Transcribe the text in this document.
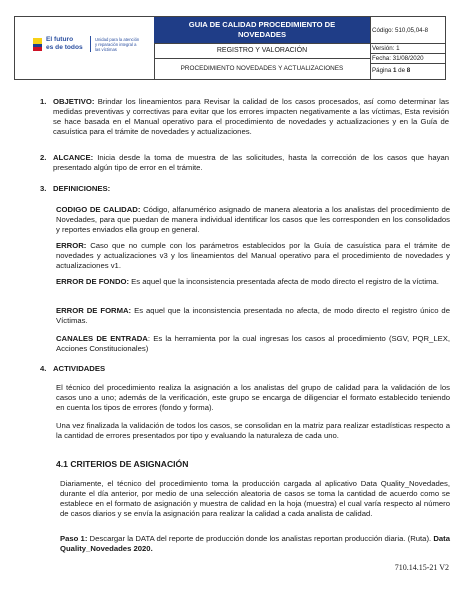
El futuro
es de todos
Unidad para la atención y reparación integral a las víctimas
GUIA DE CALIDAD PROCEDIMIENTO DE
NOVEDADES
REGISTRO Y VALORACIÓN
PROCEDIMIENTO NOVEDADES Y ACTUALIZACIONES
Código: 510,05,04-8
Versión: 1
Fecha: 31/08/2020
Página 1 de 8
1. OBJETIVO: Brindar los lineamientos para Revisar la calidad de los casos procesados, así como determinar las medidas preventivas y correctivas para evitar que los errores impacten negativamente a las víctimas, Esta revisión se hace basada en el Manual operativo para el procedimiento de novedades y actualizaciones y en la Guía de casuística para el trámite de novedades y actualizaciones.
2. ALCANCE: Inicia desde la toma de muestra de las solicitudes, hasta la corrección de los casos que hayan presentado algún tipo de error en el trámite.
3. DEFINICIONES:
CODIGO DE CALIDAD: Código, alfanumérico asignado de manera aleatoria a los analistas del procedimiento de Novedades, para que puedan de manera individual identificar los casos que les corresponden en los consolidados y reportes enviados ella group en general.
ERROR: Caso que no cumple con los parámetros establecidos por la Guía de casuística para el trámite de novedades y actualizaciones v3 y los lineamientos del Manual operativo para el procedimiento de novedades y actualizaciones v1.
ERROR DE FONDO: Es aquel que la inconsistencia presentada afecta de modo directo el registro de la víctima.
ERROR DE FORMA: Es aquel que la inconsistencia presentada no afecta, de modo directo el registro único de Víctimas.
CANALES DE ENTRADA: Es la herramienta por la cual ingresas los casos al procedimiento (SGV, PQR_LEX, Acciones Constitucionales)
4. ACTIVIDADES
El técnico del procedimiento realiza la asignación a los analistas del grupo de calidad para la validación de los casos uno a uno; además de la verificación, este grupo se encarga de diligenciar el formato establecido teniendo en cuenta los tipos de errores (fondo y forma).
Una vez finalizada la validación de todos los casos, se consolidan en la matriz para realizar estadísticas respecto a la cantidad de errores presentados por tipo y evaluando la naturaleza de cada uno.
4.1 CRITERIOS DE ASIGNACIÓN
Diariamente, el técnico del procedimiento toma la producción cargada al aplicativo Data Quality_Novedades, durante el día anterior, por medio de una selección aleatoria de casos se toma la cantidad de acuerdo como se establece en el formato de asignación y muestra de calidad en la hoja (muestra) el cual varía respecto al número de casos diarios y se envía la asignación para realizar la calidad a cada analista de calidad.
Paso 1: Descargar la DATA del reporte de producción donde los analistas reportan producción diaria. (Ruta). Data Quality_Novedades 2020.
710.14.15-21 V2
